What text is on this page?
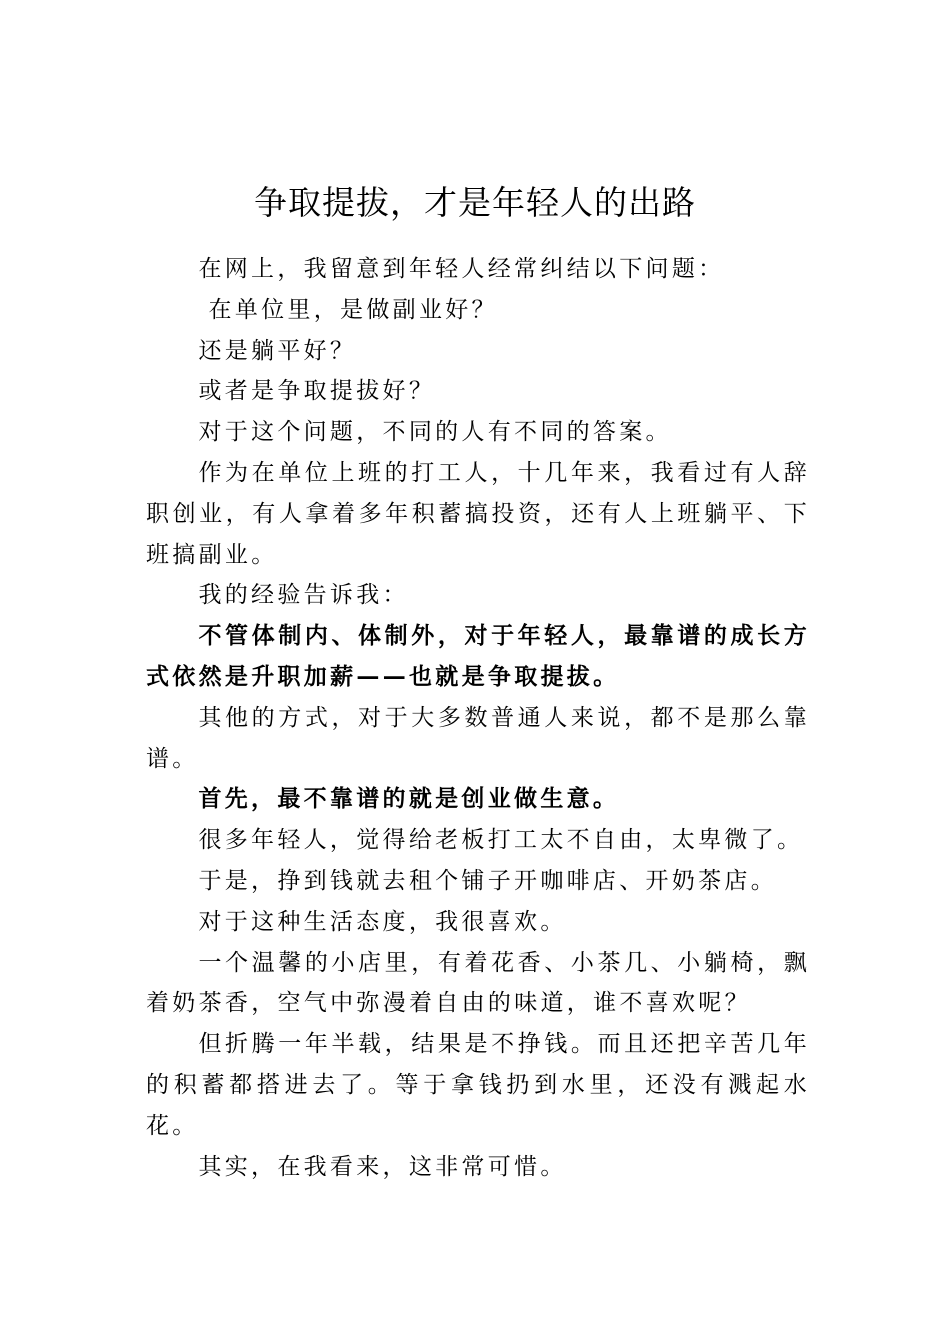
争取提拔，才是年轻人的出路

在网上，我留意到年轻人经常纠结以下问题：

在单位里，是做副业好？

还是躺平好？

或者是争取提拔好？

对于这个问题，不同的人有不同的答案。

作为在单位上班的打工人，十几年来，我看过有人辞职创业，有人拿着多年积蓄搞投资，还有人上班躺平、下班搞副业。

我的经验告诉我：

不管体制内、体制外，对于年轻人，最靠谱的成长方式依然是升职加薪——也就是争取提拔。

其他的方式，对于大多数普通人来说，都不是那么靠谱。

首先，最不靠谱的就是创业做生意。

很多年轻人，觉得给老板打工太不自由，太卑微了。

于是，挣到钱就去租个铺子开咖啡店、开奶茶店。

对于这种生活态度，我很喜欢。

一个温馨的小店里，有着花香、小茶几、小躺椅，飘着奶茶香，空气中弥漫着自由的味道，谁不喜欢呢？

但折腾一年半载，结果是不挣钱。而且还把辛苦几年的积蓄都搭进去了。等于拿钱扔到水里，还没有溅起水花。

其实，在我看来，这非常可惜。
